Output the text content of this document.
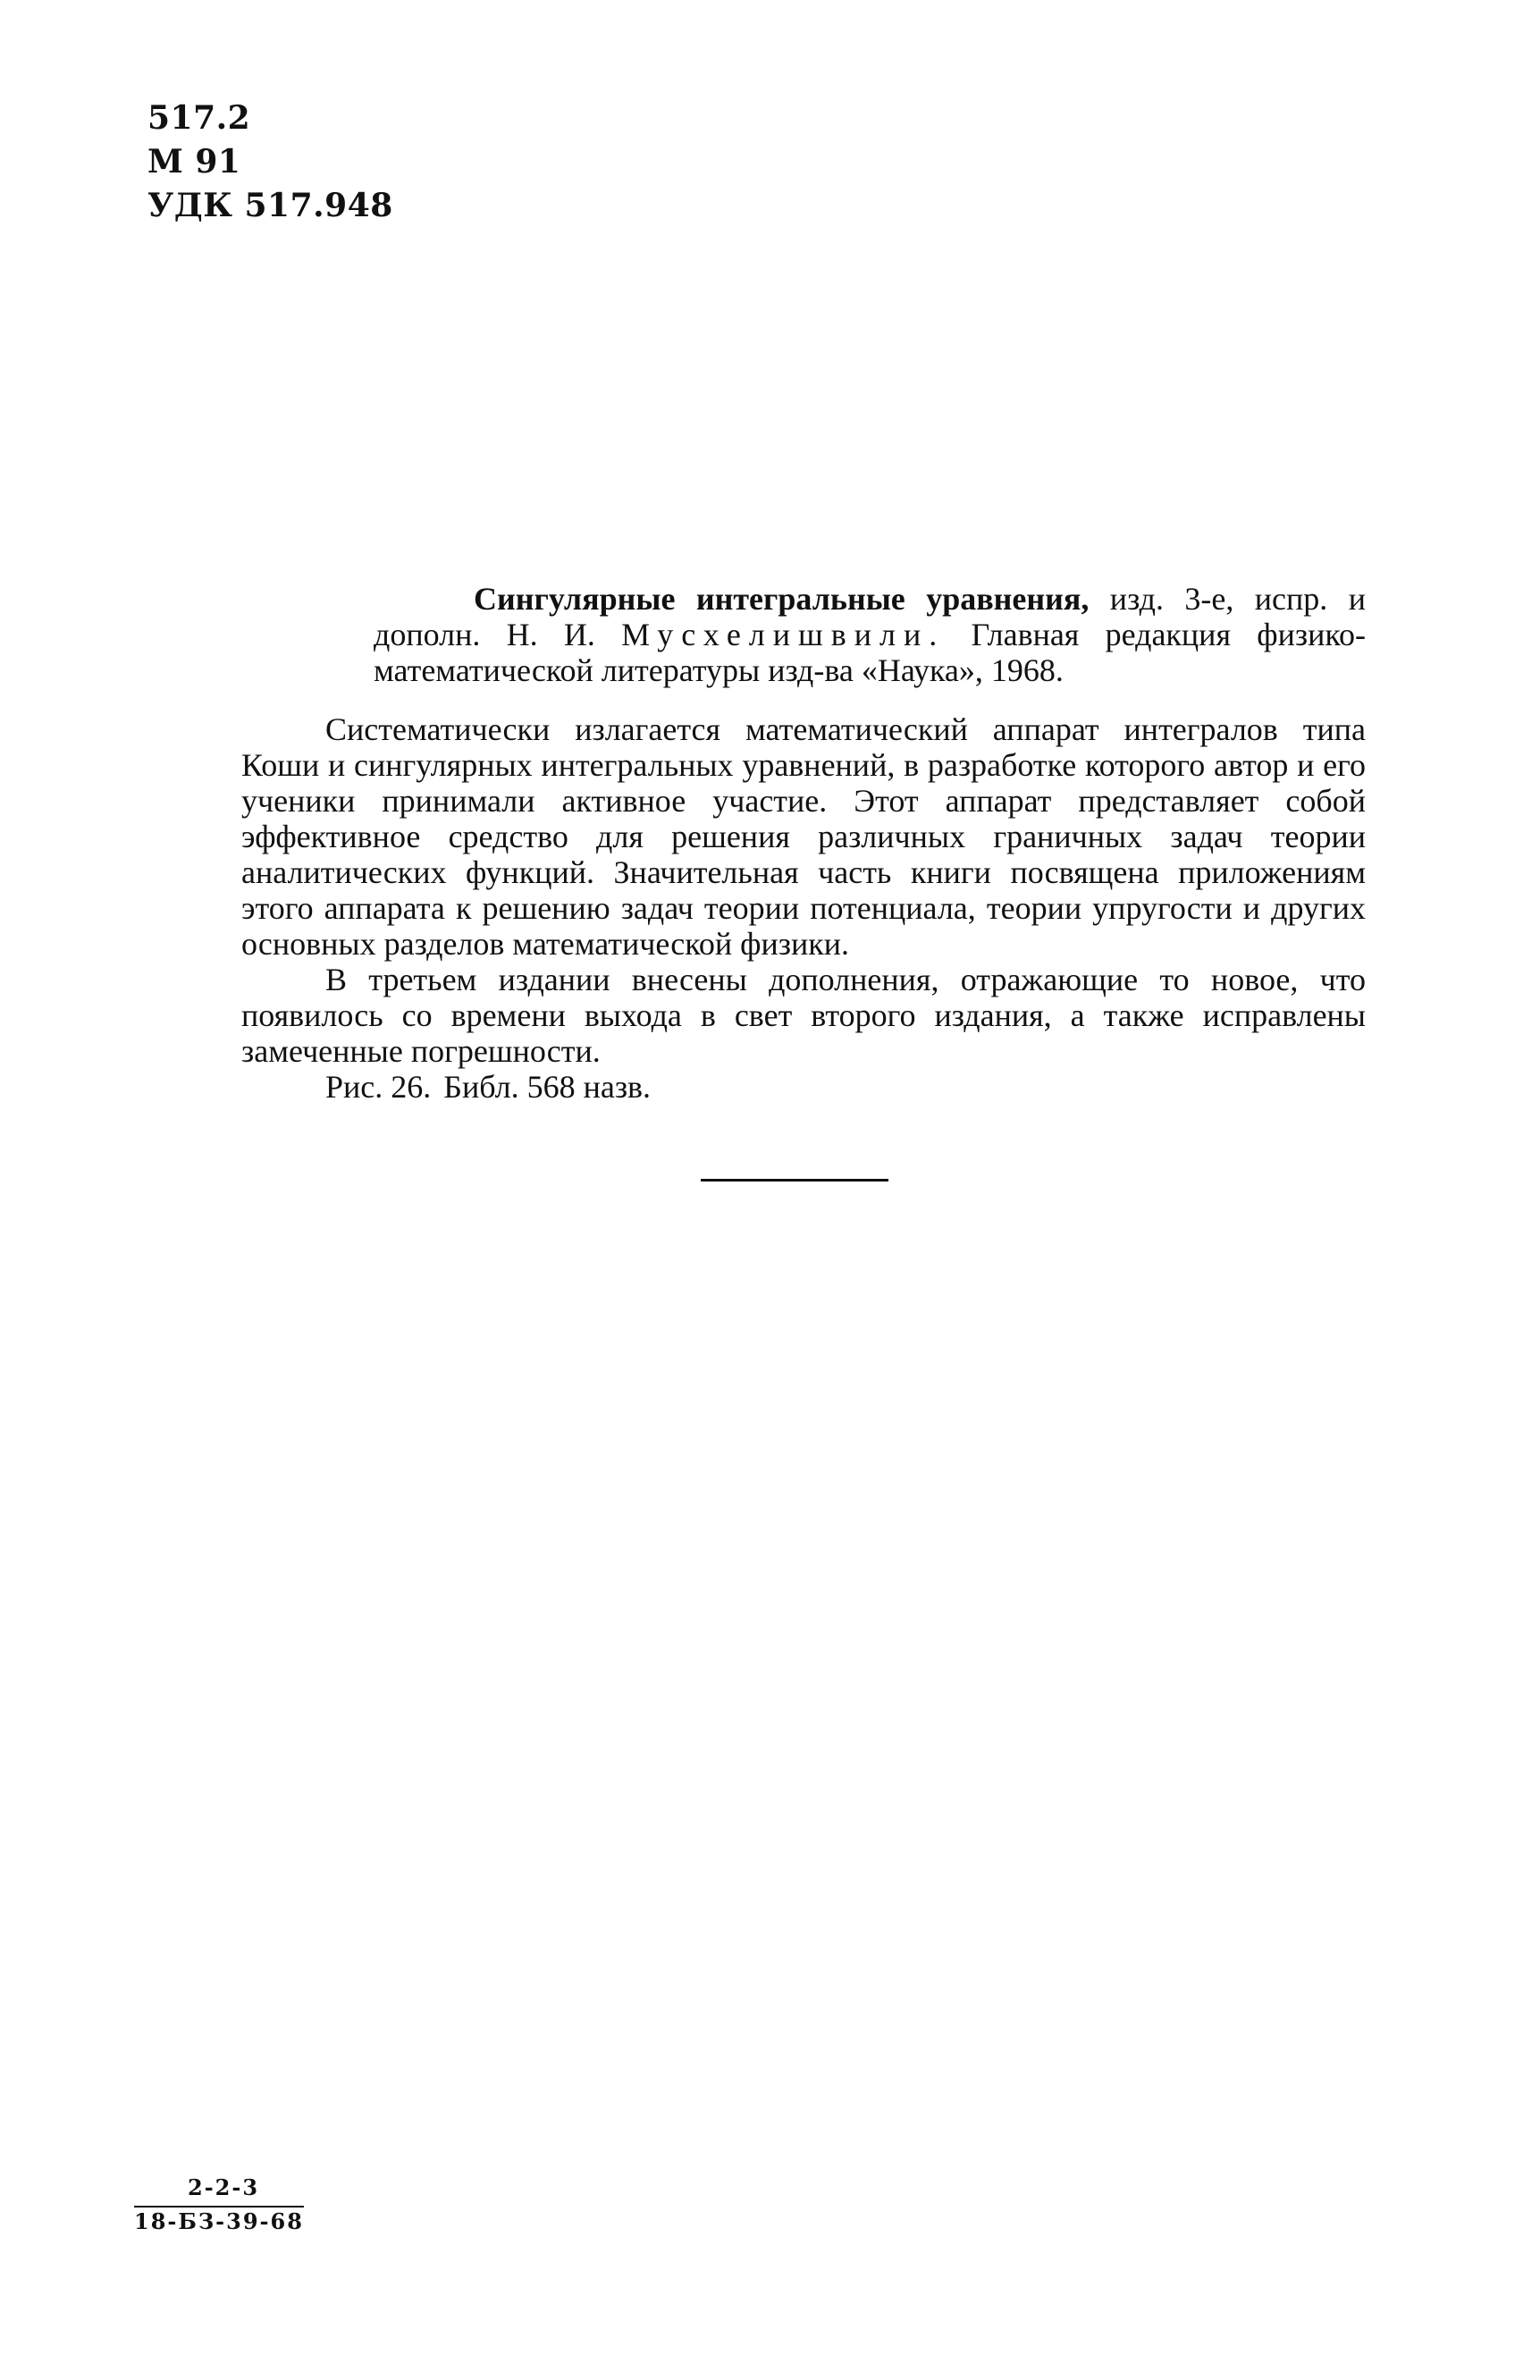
517.2
М 91
УДК 517.948

Сингулярные интегральные уравнения, изд. 3-е, испр. и дополн. Н. И. Мусхелишвили. Главная редакция физико-математической литературы изд-ва «Наука», 1968.

Систематически излагается математический аппарат интегралов типа Коши и сингулярных интегральных уравнений, в разработке которого автор и его ученики принимали активное участие. Этот аппарат представляет собой эффективное средство для решения различных граничных задач теории аналитических функций. Значительная часть книги посвящена приложениям этого аппарата к решению задач теории потенциала, теории упругости и других основных разделов математической физики.

В третьем издании внесены дополнения, отражающие то новое, что появилось со времени выхода в свет второго издания, а также исправлены замеченные погрешности.

Рис. 26. Библ. 568 назв.

2-2-3
18-БЗ-39-68
